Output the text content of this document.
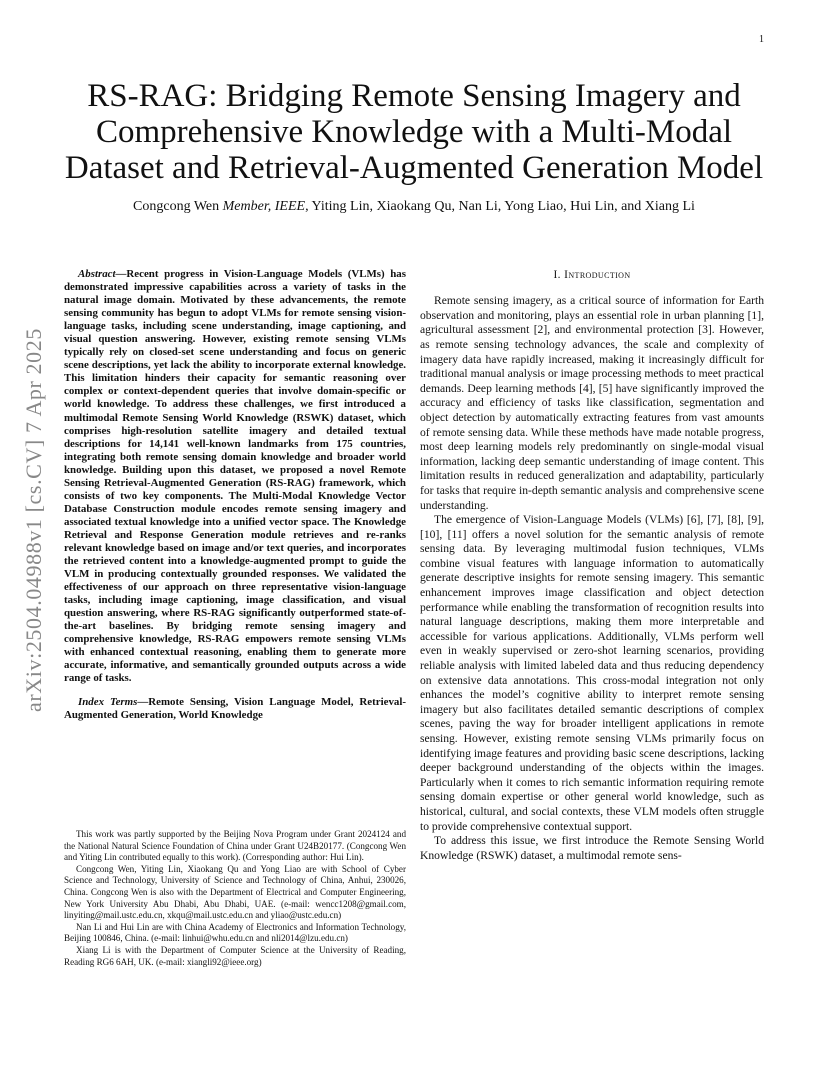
1
arXiv:2504.04988v1 [cs.CV] 7 Apr 2025
RS-RAG: Bridging Remote Sensing Imagery and Comprehensive Knowledge with a Multi-Modal Dataset and Retrieval-Augmented Generation Model
Congcong Wen Member, IEEE, Yiting Lin, Xiaokang Qu, Nan Li, Yong Liao, Hui Lin, and Xiang Li

Abstract—Recent progress in Vision-Language Models (VLMs) has demonstrated impressive capabilities across a variety of tasks in the natural image domain. Motivated by these advancements, the remote sensing community has begun to adopt VLMs for remote sensing vision-language tasks, including scene understanding, image captioning, and visual question answering. However, existing remote sensing VLMs typically rely on closed-set scene understanding and focus on generic scene descriptions, yet lack the ability to incorporate external knowledge. This limitation hinders their capacity for semantic reasoning over complex or context-dependent queries that involve domain-specific or world knowledge. To address these challenges, we first introduced a multimodal Remote Sensing World Knowledge (RSWK) dataset, which comprises high-resolution satellite imagery and detailed textual descriptions for 14,141 well-known landmarks from 175 countries, integrating both remote sensing domain knowledge and broader world knowledge. Building upon this dataset, we proposed a novel Remote Sensing Retrieval-Augmented Generation (RS-RAG) framework, which consists of two key components. The Multi-Modal Knowledge Vector Database Construction module encodes remote sensing imagery and associated textual knowledge into a unified vector space. The Knowledge Retrieval and Response Generation module retrieves and re-ranks relevant knowledge based on image and/or text queries, and incorporates the retrieved content into a knowledge-augmented prompt to guide the VLM in producing contextually grounded responses. We validated the effectiveness of our approach on three representative vision-language tasks, including image captioning, image classification, and visual question answering, where RS-RAG significantly outperformed state-of-the-art baselines. By bridging remote sensing imagery and comprehensive knowledge, RS-RAG empowers remote sensing VLMs with enhanced contextual reasoning, enabling them to generate more accurate, informative, and semantically grounded outputs across a wide range of tasks.

Index Terms—Remote Sensing, Vision Language Model, Retrieval-Augmented Generation, World Knowledge

This work was partly supported by the Beijing Nova Program under Grant 2024124 and the National Natural Science Foundation of China under Grant U24B20177. (Congcong Wen and Yiting Lin contributed equally to this work). (Corresponding author: Hui Lin).

Congcong Wen, Yiting Lin, Xiaokang Qu and Yong Liao are with School of Cyber Science and Technology, University of Science and Technology of China, Anhui, 230026, China. Congcong Wen is also with the Department of Electrical and Computer Engineering, New York University Abu Dhabi, Abu Dhabi, UAE. (e-mail: wencc1208@gmail.com, linyiting@mail.ustc.edu.cn, xkqu@mail.ustc.edu.cn and yliao@ustc.edu.cn)

Nan Li and Hui Lin are with China Academy of Electronics and Information Technology, Beijing 100846, China. (e-mail: linhui@whu.edu.cn and nli2014@lzu.edu.cn)

Xiang Li is with the Department of Computer Science at the University of Reading, Reading RG6 6AH, UK. (e-mail: xiangli92@ieee.org)

I. Introduction

Remote sensing imagery, as a critical source of information for Earth observation and monitoring, plays an essential role in urban planning [1], agricultural assessment [2], and environmental protection [3]. However, as remote sensing technology advances, the scale and complexity of imagery data have rapidly increased, making it increasingly difficult for traditional manual analysis or image processing methods to meet practical demands. Deep learning methods [4], [5] have significantly improved the accuracy and efficiency of tasks like classification, segmentation and object detection by automatically extracting features from vast amounts of remote sensing data. While these methods have made notable progress, most deep learning models rely predominantly on single-modal visual information, lacking deep semantic understanding of image content. This limitation results in reduced generalization and adaptability, particularly for tasks that require in-depth semantic analysis and comprehensive scene understanding.

The emergence of Vision-Language Models (VLMs) [6], [7], [8], [9], [10], [11] offers a novel solution for the semantic analysis of remote sensing data. By leveraging multimodal fusion techniques, VLMs combine visual features with language information to automatically generate descriptive insights for remote sensing imagery. This semantic enhancement improves image classification and object detection performance while enabling the transformation of recognition results into natural language descriptions, making them more interpretable and accessible for various applications. Additionally, VLMs perform well even in weakly supervised or zero-shot learning scenarios, providing reliable analysis with limited labeled data and thus reducing dependency on extensive data annotations. This cross-modal integration not only enhances the model’s cognitive ability to interpret remote sensing imagery but also facilitates detailed semantic descriptions of complex scenes, paving the way for broader intelligent applications in remote sensing. However, existing remote sensing VLMs primarily focus on identifying image features and providing basic scene descriptions, lacking deeper background understanding of the objects within the images. Particularly when it comes to rich semantic information requiring remote sensing domain expertise or other general world knowledge, such as historical, cultural, and social contexts, these VLM models often struggle to provide comprehensive contextual support.

To address this issue, we first introduce the Remote Sensing World Knowledge (RSWK) dataset, a multimodal remote sens-
